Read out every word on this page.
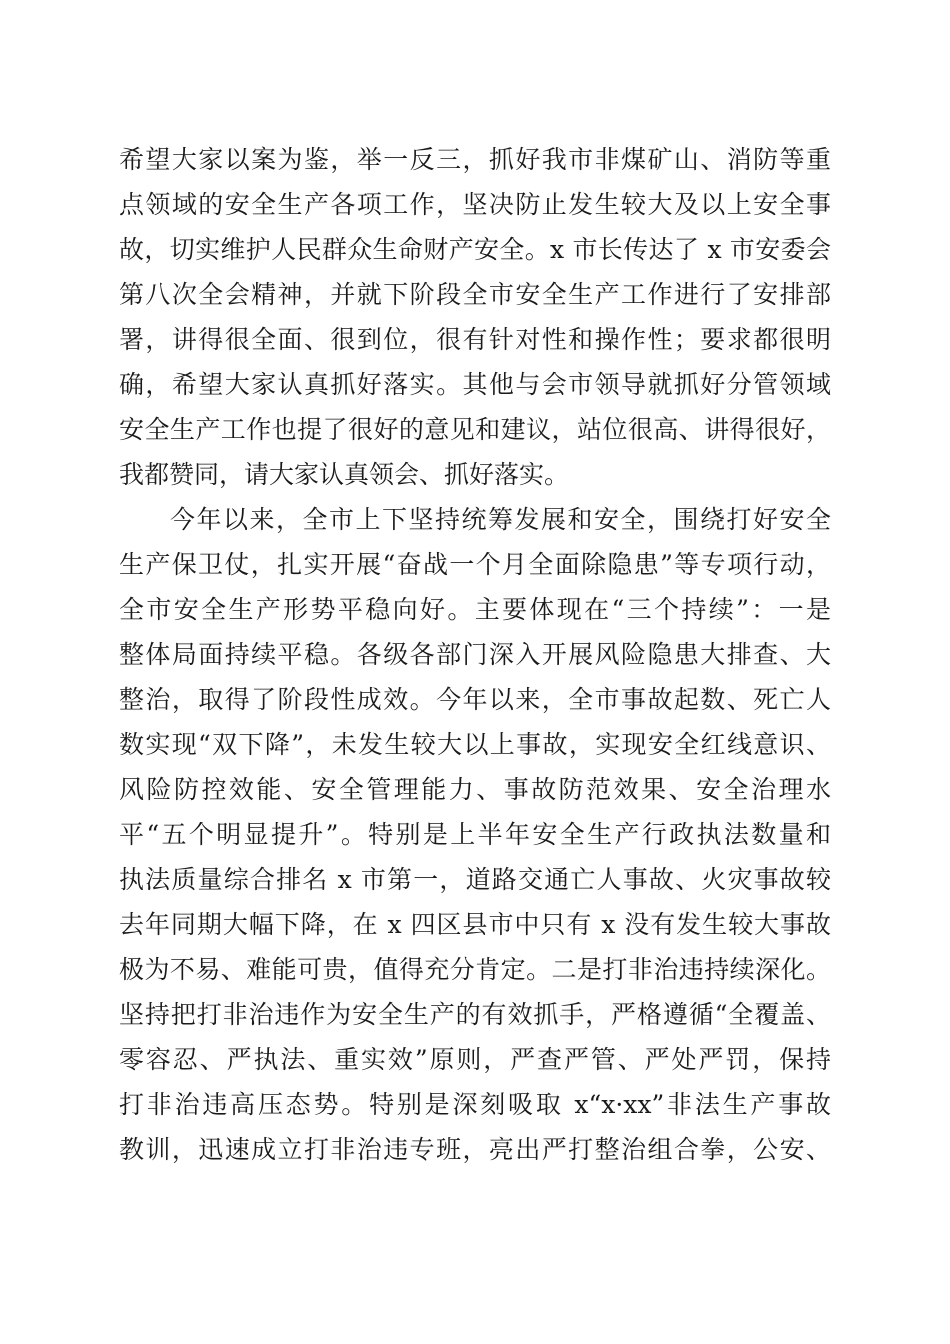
希望大家以案为鉴，举一反三，抓好我市非煤矿山、消防等重
点领域的安全生产各项工作，坚决防止发生较大及以上安全事
故，切实维护人民群众生命财产安全。x 市长传达了 x 市安委会
第八次全会精神，并就下阶段全市安全生产工作进行了安排部
署，讲得很全面、很到位，很有针对性和操作性；要求都很明
确，希望大家认真抓好落实。其他与会市领导就抓好分管领域
安全生产工作也提了很好的意见和建议，站位很高、讲得很好，
我都赞同，请大家认真领会、抓好落实。
今年以来，全市上下坚持统筹发展和安全，围绕打好安全
生产保卫仗，扎实开展“奋战一个月全面除隐患”等专项行动，
全市安全生产形势平稳向好。主要体现在“三个持续”：一是
整体局面持续平稳。各级各部门深入开展风险隐患大排查、大
整治，取得了阶段性成效。今年以来，全市事故起数、死亡人
数实现“双下降”，未发生较大以上事故，实现安全红线意识、
风险防控效能、安全管理能力、事故防范效果、安全治理水
平“五个明显提升”。特别是上半年安全生产行政执法数量和
执法质量综合排名 x 市第一，道路交通亡人事故、火灾事故较
去年同期大幅下降，在 x 四区县市中只有 x 没有发生较大事故
极为不易、难能可贵，值得充分肯定。二是打非治违持续深化。
坚持把打非治违作为安全生产的有效抓手，严格遵循“全覆盖、
零容忍、严执法、重实效”原则，严查严管、严处严罚，保持
打非治违高压态势。特别是深刻吸取 x“x·xx”非法生产事故
教训，迅速成立打非治违专班，亮出严打整治组合拳，公安、
